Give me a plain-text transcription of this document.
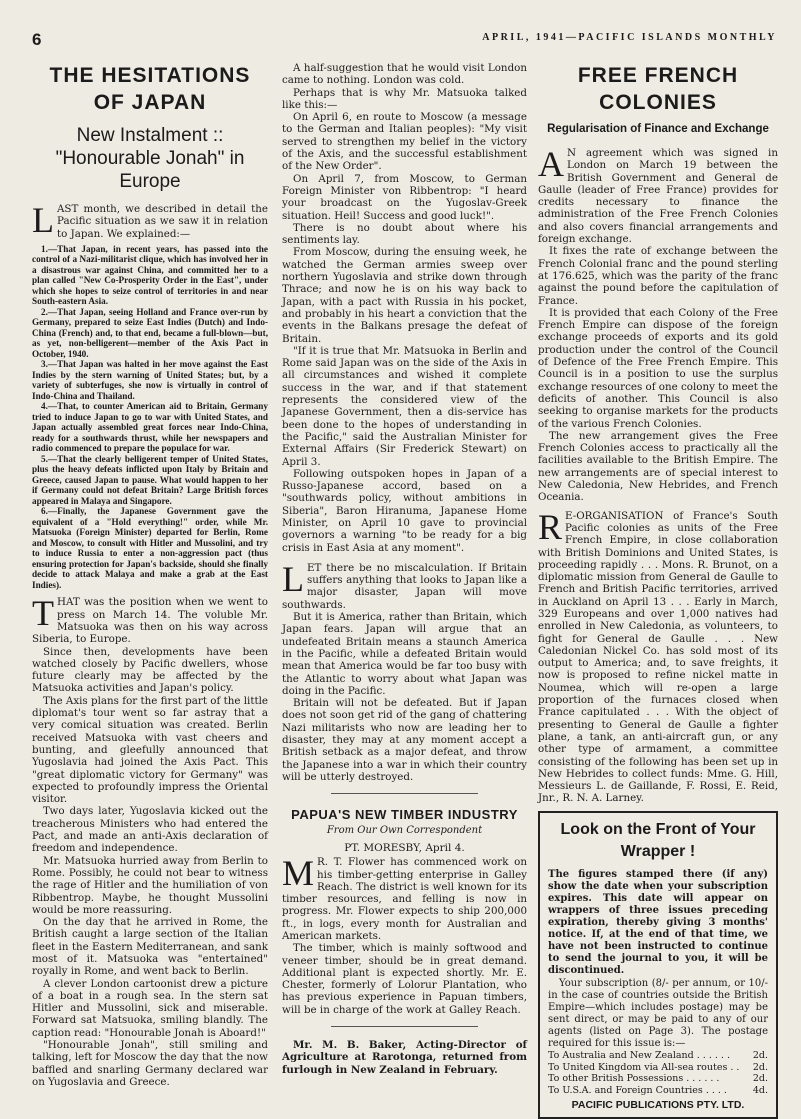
6	APRIL, 1941—PACIFIC ISLANDS MONTHLY
THE HESITATIONS OF JAPAN
New Instalment :: "Honourable Jonah" in Europe

LAST month, we described in detail the Pacific situation as we saw it in relation to Japan. We explained:—

1.—That Japan, in recent years, has passed into the control of a Nazi-militarist clique, which has involved her in a disastrous war against China, and committed her to a plan called "New Co-Prosperity Order in the East", under which she hopes to seize control of territories in and near South-eastern Asia.

2.—That Japan, seeing Holland and France over-run by Germany, prepared to seize East Indies (Dutch) and Indo-China (French) and, to that end, became a full-blown—but, as yet, non-belligerent—member of the Axis Pact in October, 1940.

3.—That Japan was halted in her move against the East Indies by the stern warning of United States; but, by a variety of subterfuges, she now is virtually in control of Indo-China and Thailand.

4.—That, to counter American aid to Britain, Germany tried to induce Japan to go to war with United States, and Japan actually assembled great forces near Indo-China, ready for a southwards thrust, while her newspapers and radio commenced to prepare the populace for war.

5.—That the clearly belligerent temper of United States, plus the heavy defeats inflicted upon Italy by Britain and Greece, caused Japan to pause. What would happen to her if Germany could not defeat Britain? Large British forces appeared in Malaya and Singapore.

6.—Finally, the Japanese Government gave the equivalent of a "Hold everything!" order, while Mr. Matsuoka (Foreign Minister) departed for Berlin, Rome and Moscow, to consult with Hitler and Mussolini, and try to induce Russia to enter a non-aggression pact (thus ensuring protection for Japan's backside, should she finally decide to attack Malaya and make a grab at the East Indies).

THAT was the position when we went to press on March 14. The voluble Mr. Matsuoka was then on his way across Siberia, to Europe.

Since then, developments have been watched closely by Pacific dwellers, whose future clearly may be affected by the Matsuoka activities and Japan's policy.

The Axis plans for the first part of the little diplomat's tour went so far astray that a very comical situation was created. Berlin received Matsuoka with vast cheers and bunting, and gleefully announced that Yugoslavia had joined the Axis Pact. This "great diplomatic victory for Germany" was expected to profoundly impress the Oriental visitor.

Two days later, Yugoslavia kicked out the treacherous Ministers who had entered the Pact, and made an anti-Axis declaration of freedom and independence.

Mr. Matsuoka hurried away from Berlin to Rome. Possibly, he could not bear to witness the rage of Hitler and the humiliation of von Ribbentrop. Maybe, he thought Mussolini would be more reassuring.

On the day that he arrived in Rome, the British caught a large section of the Italian fleet in the Eastern Mediterranean, and sank most of it. Matsuoka was "entertained" royally in Rome, and went back to Berlin.

A clever London cartoonist drew a picture of a boat in a rough sea. In the stern sat Hitler and Mussolini, sick and miserable. Forward sat Matsuoka, smiling blandly. The caption read: "Honourable Jonah is Aboard!"

"Honourable Jonah", still smiling and talking, left for Moscow the day that the now baffled and snarling Germany declared war on Yugoslavia and Greece.

A half-suggestion that he would visit London came to nothing. London was cold.

Perhaps that is why Mr. Matsuoka talked like this:—

On April 6, en route to Moscow (a message to the German and Italian peoples): "My visit served to strengthen my belief in the victory of the Axis, and the successful establishment of the New Order".

On April 7, from Moscow, to German Foreign Minister von Ribbentrop: "I heard your broadcast on the Yugoslav-Greek situation. Heil! Success and good luck!".

There is no doubt about where his sentiments lay.

From Moscow, during the ensuing week, he watched the German armies sweep over northern Yugoslavia and strike down through Thrace; and now he is on his way back to Japan, with a pact with Russia in his pocket, and probably in his heart a conviction that the events in the Balkans presage the defeat of Britain.

"If it is true that Mr. Matsuoka in Berlin and Rome said Japan was on the side of the Axis in all circumstances and wished it complete success in the war, and if that statement represents the considered view of the Japanese Government, then a dis-service has been done to the hopes of understanding in the Pacific," said the Australian Minister for External Affairs (Sir Frederick Stewart) on April 3.

Following outspoken hopes in Japan of a Russo-Japanese accord, based on a "southwards policy, without ambitions in Siberia", Baron Hiranuma, Japanese Home Minister, on April 10 gave to provincial governors a warning "to be ready for a big crisis in East Asia at any moment".

LET there be no miscalculation. If Britain suffers anything that looks to Japan like a major disaster, Japan will move southwards.

But it is America, rather than Britain, which Japan fears. Japan will argue that an undefeated Britain means a staunch America in the Pacific, while a defeated Britain would mean that America would be far too busy with the Atlantic to worry about what Japan was doing in the Pacific.

Britain will not be defeated. But if Japan does not soon get rid of the gang of chattering Nazi militarists who now are leading her to disaster, they may at any moment accept a British setback as a major defeat, and throw the Japanese into a war in which their country will be utterly destroyed.

PAPUA'S NEW TIMBER INDUSTRY
From Our Own Correspondent
PT. MORESBY, April 4.

M R. T. Flower has commenced work on his timber-getting enterprise in Galley Reach. The district is well known for its timber resources, and felling is now in progress. Mr. Flower expects to ship 200,000 ft., in logs, every month for Australian and American markets.

The timber, which is mainly softwood and veneer timber, should be in great demand. Additional plant is expected shortly. Mr. E. Chester, formerly of Lolorur Plantation, who has previous experience in Papuan timbers, will be in charge of the work at Galley Reach.

Mr. M. B. Baker, Acting-Director of Agriculture at Rarotonga, returned from furlough in New Zealand in February.

FREE FRENCH COLONIES
Regularisation of Finance and Exchange

A N agreement which was signed in London on March 19 between the British Government and General de Gaulle (leader of Free France) provides for credits necessary to finance the administration of the Free French Colonies and also covers financial arrangements and foreign exchange.

It fixes the rate of exchange between the French Colonial franc and the pound sterling at 176.625, which was the parity of the franc against the pound before the capitulation of France.

It is provided that each Colony of the Free French Empire can dispose of the foreign exchange proceeds of exports and its gold production under the control of the Council of Defence of the Free French Empire. This Council is in a position to use the surplus exchange resources of one colony to meet the deficits of another. This Council is also seeking to organise markets for the products of the various French Colonies.

The new arrangement gives the Free French Colonies access to practically all the facilities available to the British Empire. The new arrangements are of special interest to New Caledonia, New Hebrides, and French Oceania.

R E-ORGANISATION of France's South Pacific colonies as units of the Free French Empire, in close collaboration with British Dominions and United States, is proceeding rapidly . . . Mons. R. Brunot, on a diplomatic mission from General de Gaulle to French and British Pacific territories, arrived in Auckland on April 13 . . . Early in March, 329 Europeans and over 1,000 natives had enrolled in New Caledonia, as volunteers, to fight for General de Gaulle . . . New Caledonian Nickel Co. has sold most of its output to America; and, to save freights, it now is proposed to refine nickel matte in Noumea, which will re-open a large proportion of the furnaces closed when France capitulated . . . With the object of presenting to General de Gaulle a fighter plane, a tank, an anti-aircraft gun, or any other type of armament, a committee consisting of the following has been set up in New Hebrides to collect funds: Mme. G. Hill, Messieurs L. de Gaillande, F. Rossi, E. Reid, Jnr., R. N. A. Larney.

Look on the Front of Your Wrapper !

The figures stamped there (if any) show the date when your subscription expires. This date will appear on wrappers of three issues preceding expiration, thereby giving 3 months' notice. If, at the end of that time, we have not been instructed to continue to send the journal to you, it will be discontinued.

Your subscription (8/- per annum, or 10/- in the case of countries outside the British Empire—which includes postage) may be sent direct, or may be paid to any of our agents (listed on Page 3). The postage required for this issue is:—

To Australia and New Zealand . . . . . . 2d.
To United Kingdom via All-sea routes . . 2d.
To other British Possessions . . . . . .	2d.
To U.S.A. and Foreign Countries . . . .	4d.
PACIFIC PUBLICATIONS PTY. LTD.
